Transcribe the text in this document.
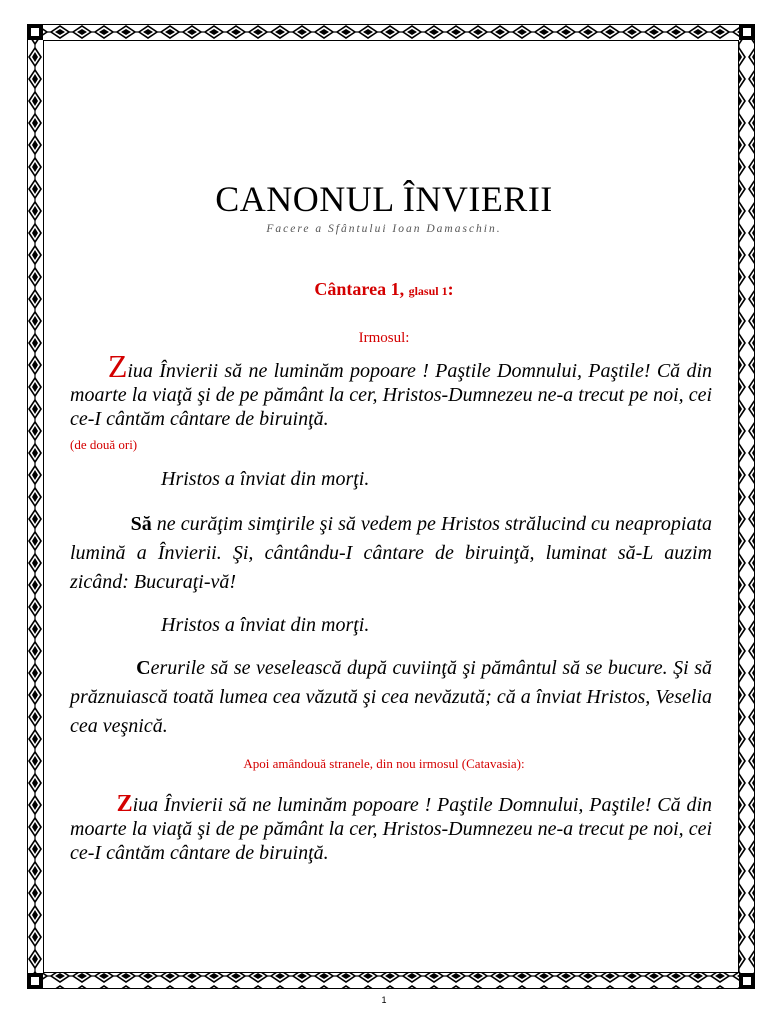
CANONUL ÎNVIERII
Facere a Sfântului Ioan Damaschin.
Cântarea 1, glasul 1:
Irmosul:
Ziua Învierii să ne luminăm popoare ! Paştile Domnului, Paştile! Că din moarte la viaţă şi de pe pământ la cer, Hristos-Dumnezeu ne-a trecut pe noi, cei ce-I cântăm cântare de biruinţă.
(de două ori)
Hristos a înviat din morţi.
Să ne curăţim simţirile şi să vedem pe Hristos strălucind cu neapropiata lumină a Învierii. Şi, cântându-I cântare de biruinţă, luminat să-L auzim zicând: Bucuraţi-vă!
Hristos a înviat din morţi.
Cerurile să se veselească după cuviinţă şi pământul să se bucure. Şi să prăznuiască toată lumea cea văzută şi cea nevăzută; că a înviat Hristos, Veselia cea veşnică.
Apoi amândouă stranele, din nou irmosul (Catavasia):
Ziua Învierii să ne luminăm popoare ! Paştile Domnului, Paştile! Că din moarte la viaţă şi de pe pământ la cer, Hristos-Dumnezeu ne-a trecut pe noi, cei ce-I cântăm cântare de biruinţă.
1
